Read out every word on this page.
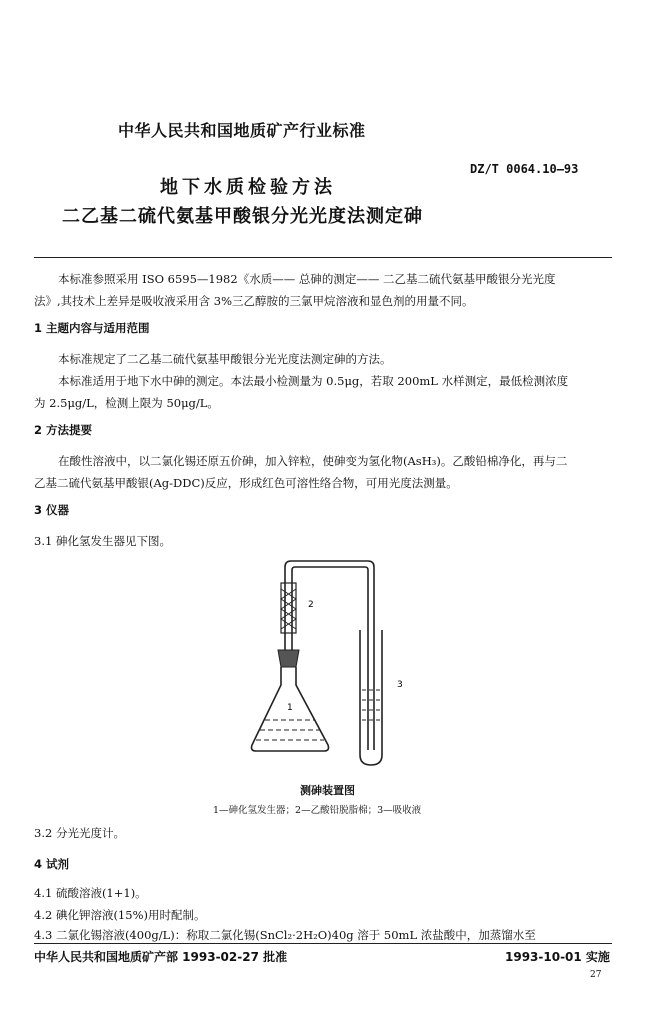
中华人民共和国地质矿产行业标准
DZ/T 0064.10—93
地下水质检验方法
二乙基二硫代氨基甲酸银分光光度法测定砷
本标准参照采用 ISO 6595—1982《水质—— 总砷的测定—— 二乙基二硫代氨基甲酸银分光光度
法》,其技术上差异是吸收液采用含 3%三乙醇胺的三氯甲烷溶液和显色剂的用量不同。
1 主题内容与适用范围
本标准规定了二乙基二硫代氨基甲酸银分光光度法测定砷的方法。
本标准适用于地下水中砷的测定。本法最小检测量为 0.5μg，若取 200mL 水样测定，最低检测浓度
为 2.5μg/L，检测上限为 50μg/L。
2 方法提要
在酸性溶液中，以二氯化锡还原五价砷，加入锌粒，使砷变为氢化物(AsH₃)。乙酸铅棉净化，再与二
乙基二硫代氨基甲酸银(Ag-DDC)反应，形成红色可溶性络合物，可用光度法测量。
3 仪器
3.1 砷化氢发生器见下图。
1
2
3
测砷装置图
1—砷化氢发生器；2—乙酸铅脱脂棉；3—吸收液
3.2 分光光度计。
4 试剂
4.1 硫酸溶液(1+1)。
4.2 碘化钾溶液(15%)用时配制。
4.3 二氯化锡溶液(400g/L)：称取二氯化锡(SnCl₂·2H₂O)40g 溶于 50mL 浓盐酸中，加蒸馏水至
中华人民共和国地质矿产部 1993-02-27 批准	1993-10-01 实施
27
